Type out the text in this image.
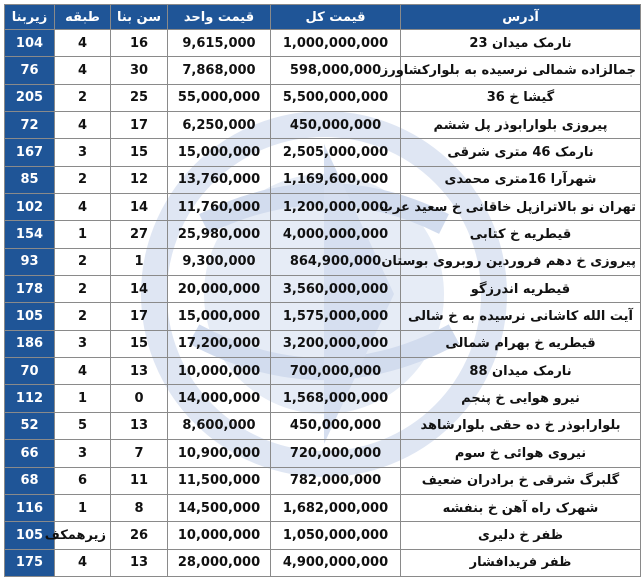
آدرس	قیمت کل	قیمت واحد	سن بنا	طبقه	زیربنا
نارمک میدان 23	1,000,000,000	9,615,000	16	4	104
جمالزاده شمالی نرسیده به بلوارکشاورز	598,000,000	7,868,000	30	4	76
گیشا خ 36	5,500,000,000	55,000,000	25	2	205
پیروزی بلوارابوذر پل ششم	450,000,000	6,250,000	17	4	72
نارمک 46 متری شرقی	2,505,000,000	15,000,000	15	3	167
شهرآرا 16متری محمدی	1,169,600,000	13,760,000	12	2	85
تهران نو بالاترازپل خاقانی خ سعید عرب	1,200,000,000	11,760,000	14	4	102
قیطریه خ کتابی	4,000,000,000	25,980,000	27	1	154
پیروزی خ دهم فروردین روبروی بوستان	864,900,000	9,300,000	1	2	93
قیطریه اندرزگو	3,560,000,000	20,000,000	14	2	178
آیت الله کاشانی نرسیده به خ شالی	1,575,000,000	15,000,000	17	2	105
قیطریه خ بهرام شمالی	3,200,000,000	17,200,000	15	3	186
نارمک میدان 88	700,000,000	10,000,000	13	4	70
نیرو هوایی خ پنجم	1,568,000,000	14,000,000	0	1	112
بلوارابوذر خ ده حقی بلوارشاهد	450,000,000	8,600,000	13	5	52
نیروی هوائی خ سوم	720,000,000	10,900,000	7	3	66
گلبرگ شرقی خ برادران ضعیف	782,000,000	11,500,000	11	6	68
شهرک راه آهن خ بنفشه	1,682,000,000	14,500,000	8	1	116
ظفر خ دلیری	1,050,000,000	10,000,000	26	زیرهمکف	105
ظفر فریدافشار	4,900,000,000	28,000,000	13	4	175
